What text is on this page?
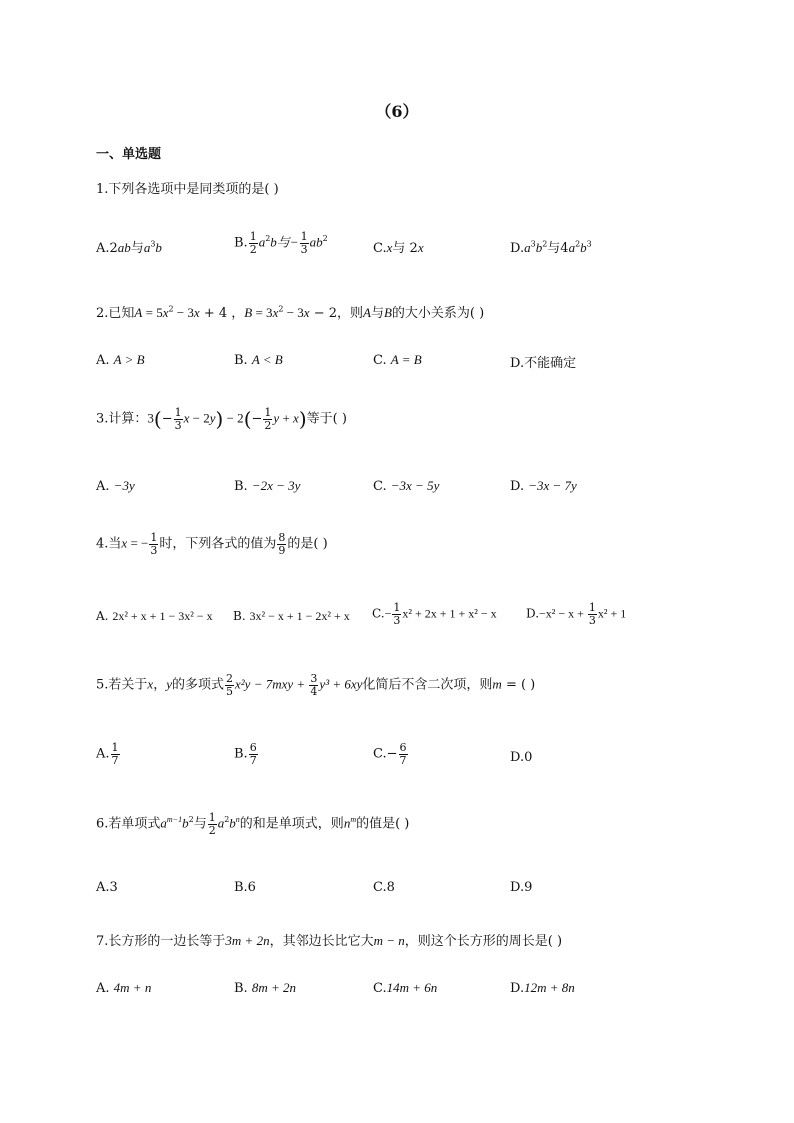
（6）
一、单选题
1.下列各选项中是同类项的是( )
A.2ab与$a^3b$	B. $\frac{1}{2} a^2b$与− $\frac{1}{3} ab^2$
C.x与 2x	$D.a^3b^2$与$4a^2b^3$
2.已知$A = 5x^2 - 3x + 4$ ，$B = 3x^2 - 3x - 2$，则A与B的大小关系为( )
A. A > B	B. A < B	C. A = B	D.不能确定
3.计算：$3(- \frac{1}{3}$ $x - 2y) - 2(- \frac{1}{2}$ y + x)等于( )
A. −3y	B. −2x − 3y	C. −3x − 5y	D. −3x − 7y
4.当x = − $\frac{1}{3}$ 时，下列各式的值为 $\frac{8}{9}$ 的是( )
A. 2x² + x + 1 − 3x² − x B. 3x² − x + 1 − 2x² + x $C.- \frac{1}{3} x^2 + 2x + 1 + x^2 - x$ $D.-x^2 - x + \frac{1}{3} x^2 + 1$
5.若关于x，y的多项式 $\frac{2}{5} x^2y - 7mxy + \frac{3}{4} y^3 + 6xy$化简后不含二次项，则m = ( )
A. $\frac{1}{7}$	B. $\frac{6}{7}$	$C.- \frac{6}{7}$	D.0
6.若单项式$a^{m-1}b^2$与 $\frac{1}{2} a^2b^n$的和是单项式，则$n^m$的值是( )
A.3	B.6	C.8	D.9
7.长方形的一边长等于3m + 2n，其邻边长比它大m − n，则这个长方形的周长是( )
A. 4m + n	B. 8m + 2n	C.14m + 6n	D.12m + 8n
